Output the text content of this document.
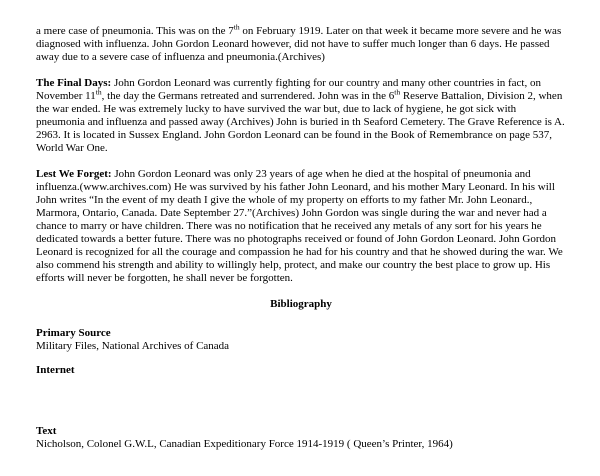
a mere case of pneumonia. This was on the 7th on February 1919. Later on that week it became more severe and he was diagnosed with influenza. John Gordon Leonard however, did not have to suffer much longer than 6 days. He passed away due to a severe case of influenza and pneumonia.(Archives)

The Final Days: John Gordon Leonard was currently fighting for our country and many other countries in fact, on November 11th, the day the Germans retreated and surrendered. John was in the 6th Reserve Battalion, Division 2, when the war ended. He was extremely lucky to have survived the war but, due to lack of hygiene, he got sick with pneumonia and influenza and passed away (Archives) John is buried in th Seaford Cemetery. The Grave Reference is A. 2963. It is located in Sussex England. John Gordon Leonard can be found in the Book of Remembrance on page 537, World War One.

Lest We Forget: John Gordon Leonard was only 23 years of age when he died at the hospital of pneumonia and influenza.(www.archives.com) He was survived by his father John Leonard, and his mother Mary Leonard. In his will John writes “In the event of my death I give the whole of my property on efforts to my father Mr. John Leonard., Marmora, Ontario, Canada. Date September 27.”(Archives) John Gordon was single during the war and never had a chance to marry or have children. There was no notification that he received any metals of any sort for his years he dedicated towards a better future. There was no photographs received or found of John Gordon Leonard. John Gordon Leonard is recognized for all the courage and compassion he had for his country and that he showed during the war. We also commend his strength and ability to willingly help, protect, and make our country the best place to grow up. His efforts will never be forgotten, he shall never be forgotten.

Bibliography
Primary Source
Military Files, National Archives of Canada
Internet
Text
Nicholson, Colonel G.W.L, Canadian Expeditionary Force 1914-1919 ( Queen’s Printer, 1964)
